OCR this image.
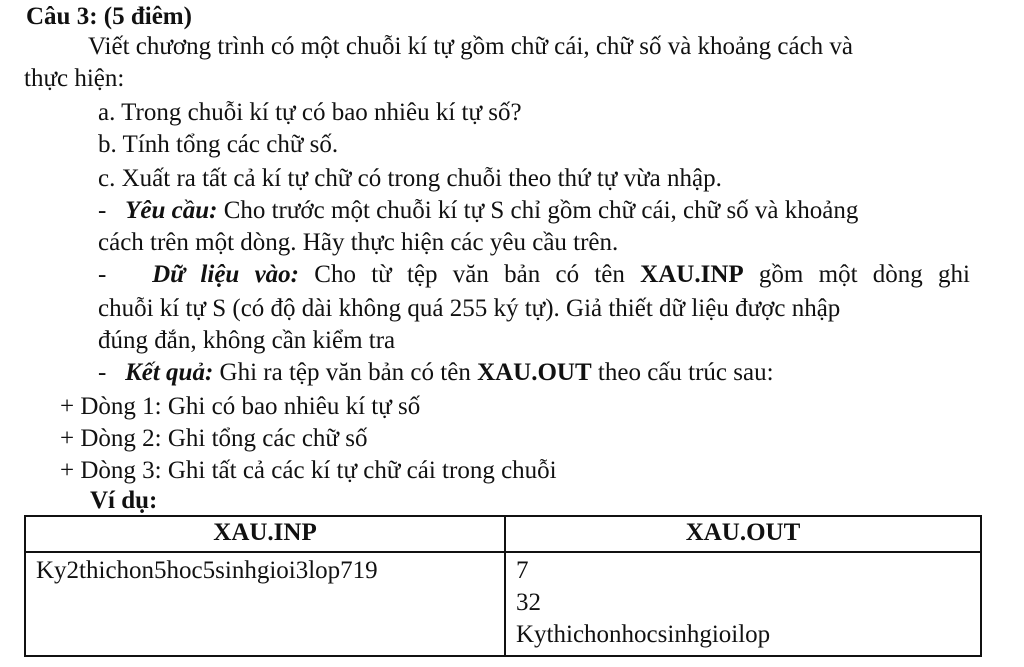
Câu 3: (5 điêm)
Viết chương trình có một chuỗi kí tự gồm chữ cái, chữ số và khoảng cách và
thực hiện:
a. Trong chuỗi kí tự có bao nhiêu kí tự số?
b. Tính tổng các chữ số.
c. Xuất ra tất cả kí tự chữ có trong chuỗi theo thứ tự vừa nhập.
- Yêu cầu: Cho trước một chuỗi kí tự S chỉ gồm chữ cái, chữ số và khoảng
cách trên một dòng. Hãy thực hiện các yêu cầu trên.
- Dữ liệu vào: Cho từ tệp văn bản có tên XAU.INP gồm một dòng ghi
chuỗi kí tự S (có độ dài không quá 255 ký tự). Giả thiết dữ liệu được nhập
đúng đắn, không cần kiểm tra
- Kết quả: Ghi ra tệp văn bản có tên XAU.OUT theo cấu trúc sau:
+ Dòng 1: Ghi có bao nhiêu kí tự số
+ Dòng 2: Ghi tổng các chữ số
+ Dòng 3: Ghi tất cả các kí tự chữ cái trong chuỗi
Ví dụ:
XAU.INP	XAU.OUT
Ky2thichon5hoc5sinhgioi3lop719	7
32
Kythichonhocsinhgioilop
